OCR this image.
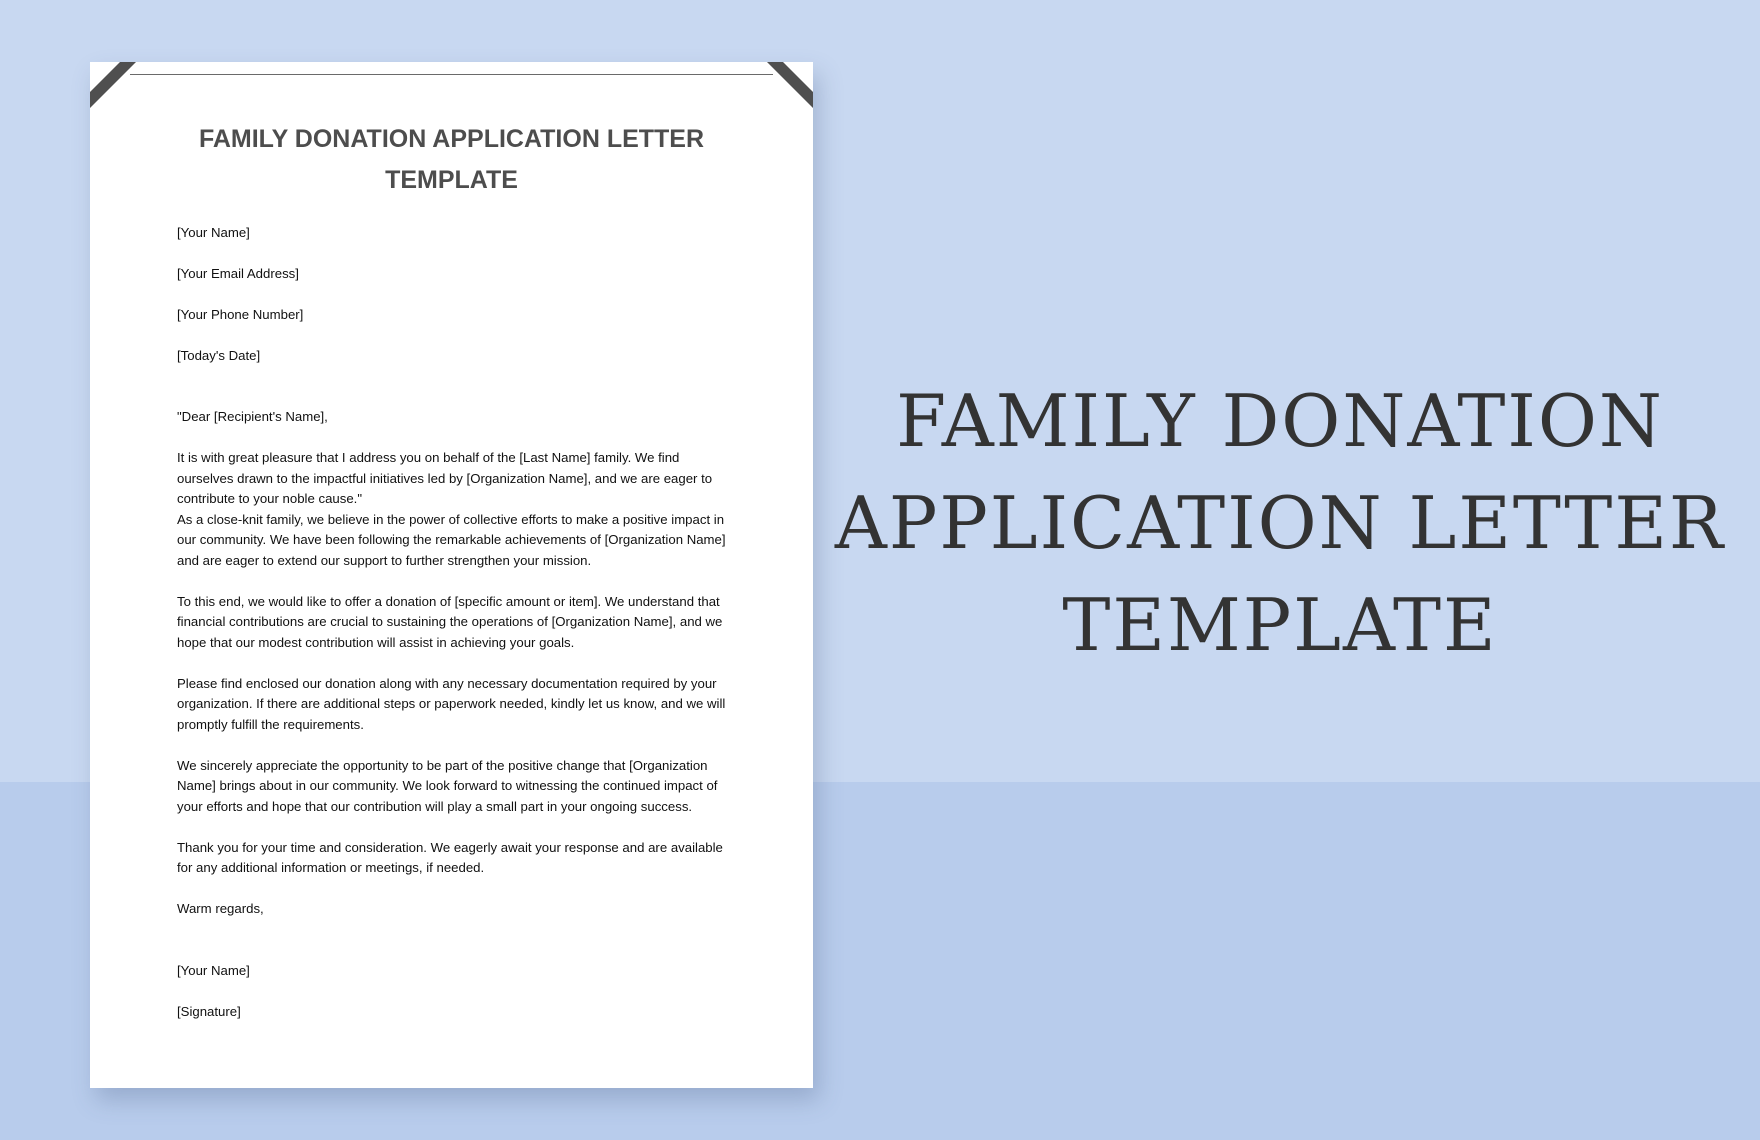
FAMILY DONATION APPLICATION LETTER
TEMPLATE

[Your Name]

[Your Email Address]

[Your Phone Number]

[Today's Date]

"Dear [Recipient's Name],

It is with great pleasure that I address you on behalf of the [Last Name] family. We find ourselves drawn to the impactful initiatives led by [Organization Name], and we are eager to contribute to your noble cause."

As a close-knit family, we believe in the power of collective efforts to make a positive impact in our community. We have been following the remarkable achievements of [Organization Name] and are eager to extend our support to further strengthen your mission.

To this end, we would like to offer a donation of [specific amount or item]. We understand that financial contributions are crucial to sustaining the operations of [Organization Name], and we hope that our modest contribution will assist in achieving your goals.

Please find enclosed our donation along with any necessary documentation required by your organization. If there are additional steps or paperwork needed, kindly let us know, and we will promptly fulfill the requirements.

We sincerely appreciate the opportunity to be part of the positive change that [Organization Name] brings about in our community. We look forward to witnessing the continued impact of your efforts and hope that our contribution will play a small part in your ongoing success.

Thank you for your time and consideration. We eagerly await your response and are available for any additional information or meetings, if needed.

Warm regards,

[Your Name]

[Signature]

FAMILY DONATION
APPLICATION LETTER
TEMPLATE
